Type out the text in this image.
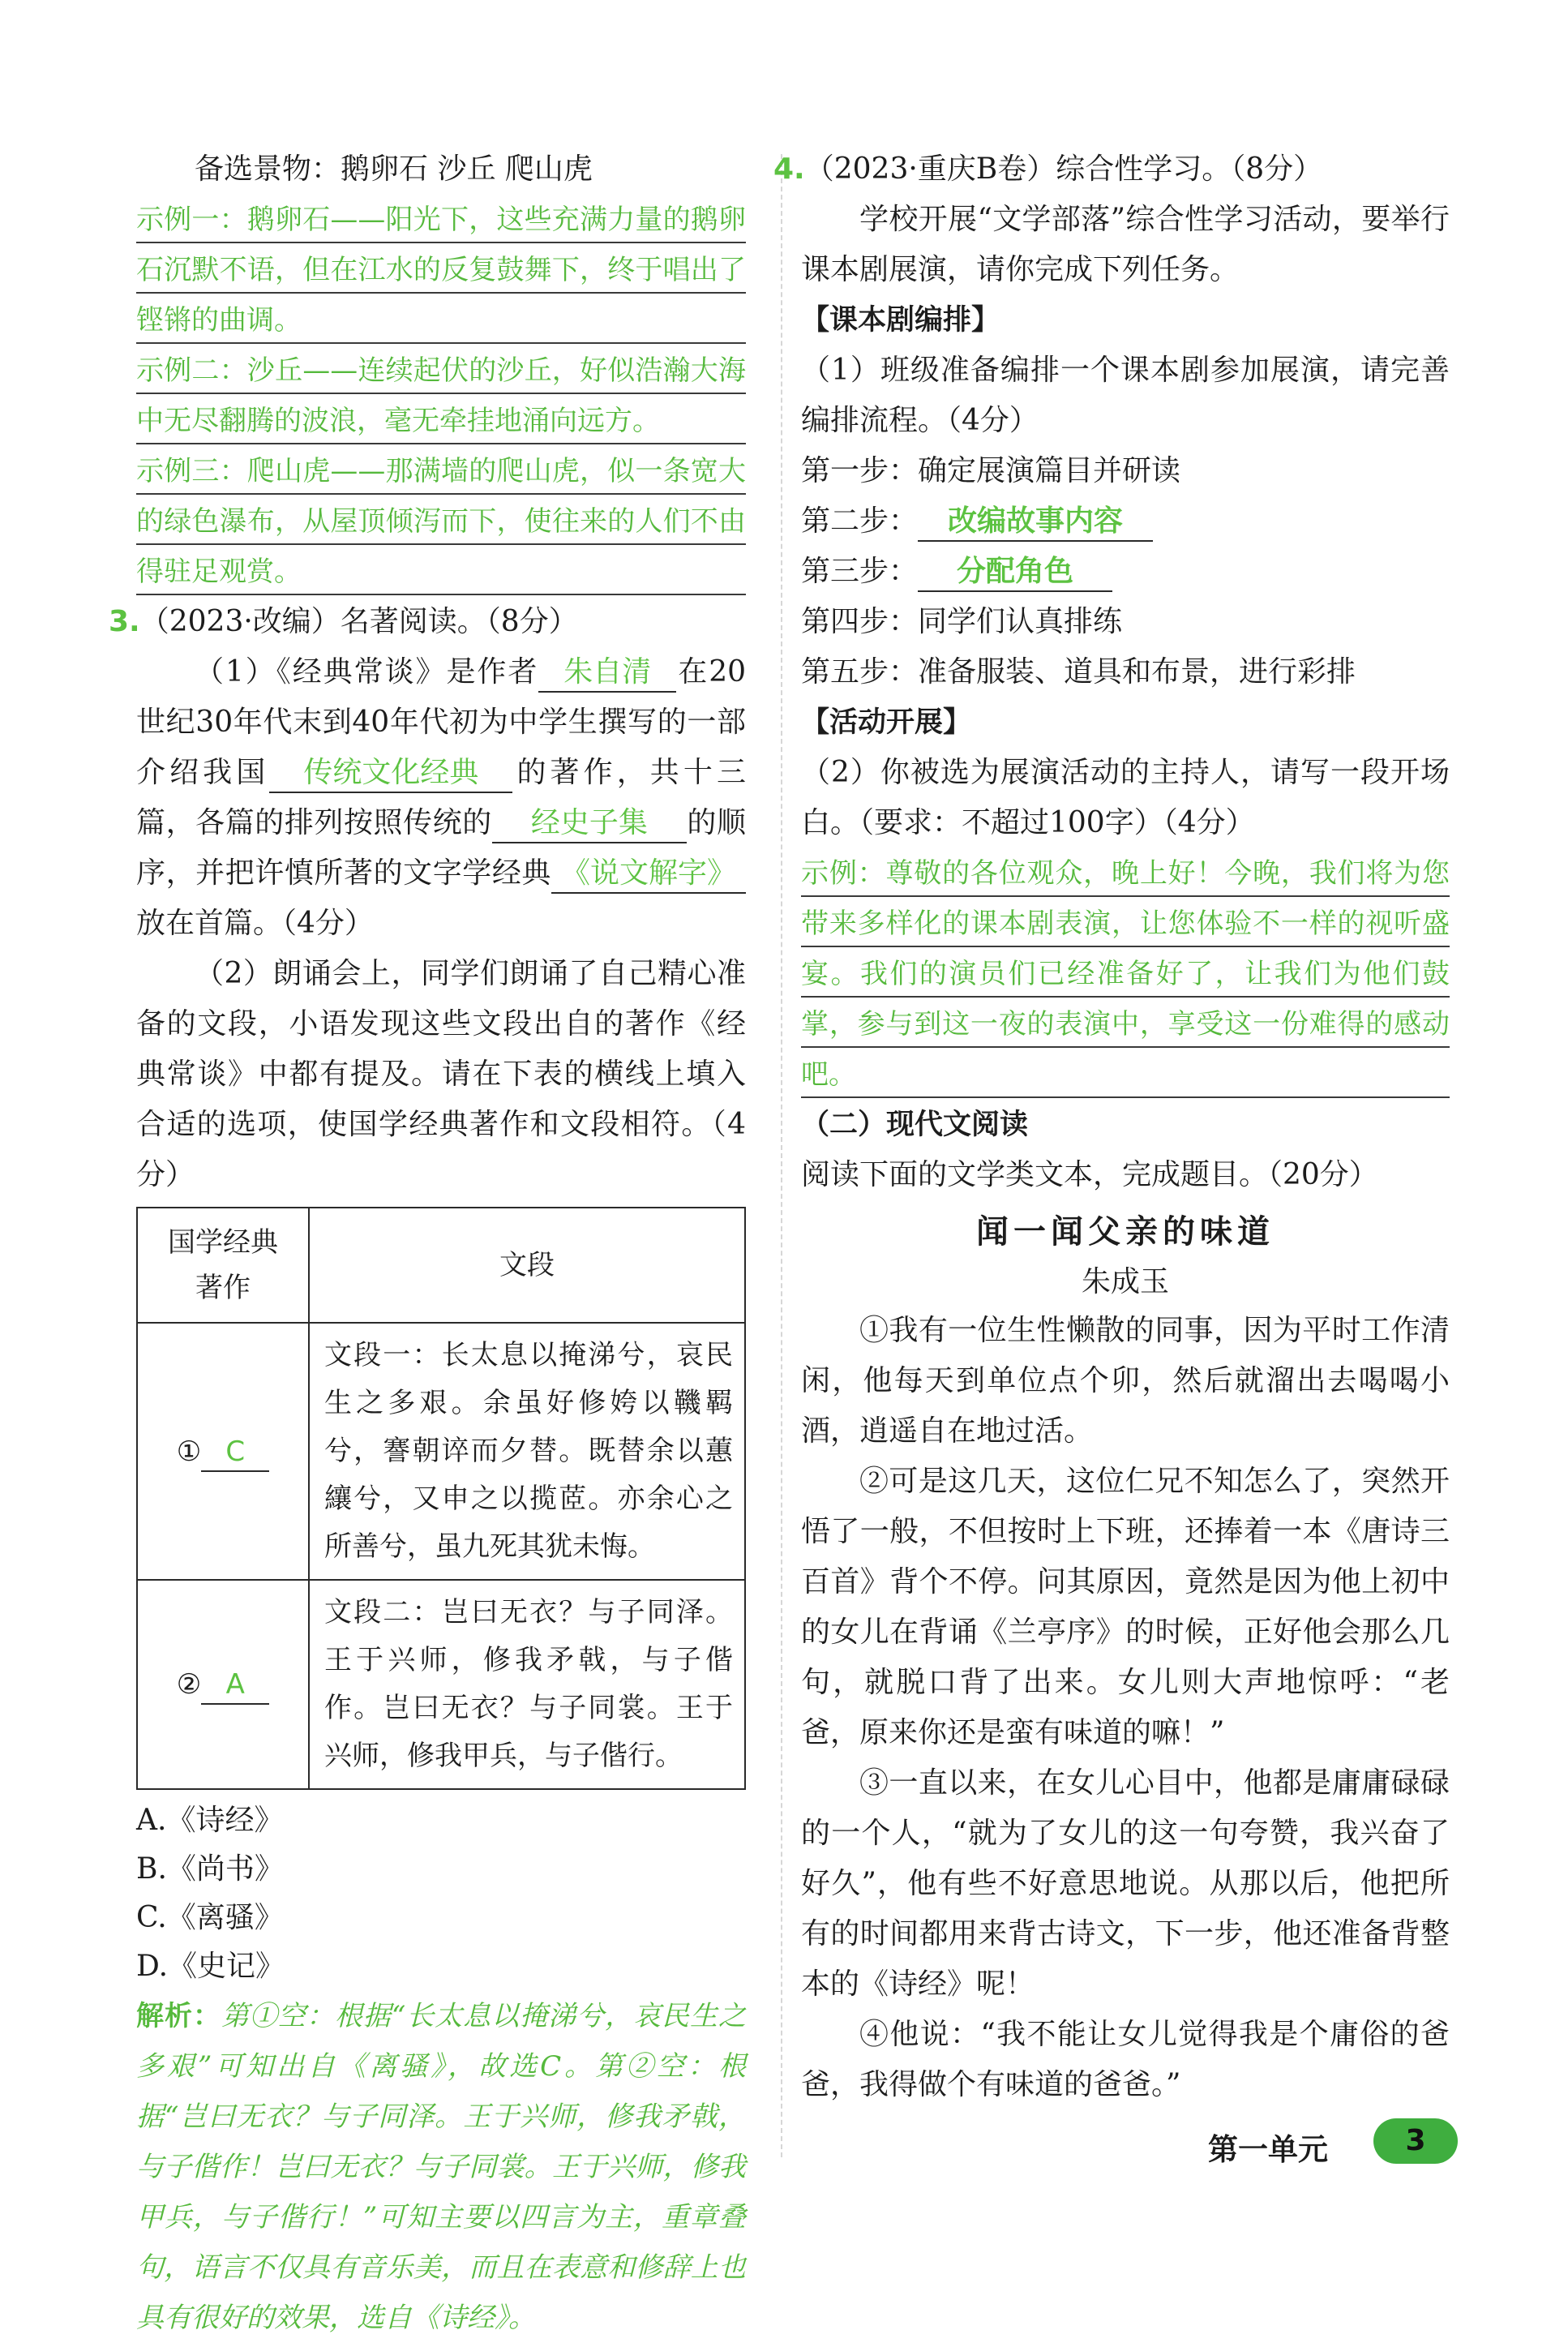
备选景物：鹅卵石 沙丘 爬山虎

示例一：鹅卵石——阳光下，这些充满力量的鹅卵石沉默不语，但在江水的反复鼓舞下，终于唱出了铿锵的曲调。

示例二：沙丘——连续起伏的沙丘，好似浩瀚大海中无尽翻腾的波浪，毫无牵挂地涌向远方。

示例三：爬山虎——那满墙的爬山虎，似一条宽大的绿色瀑布，从屋顶倾泻而下，使往来的人们不由得驻足观赏。

3.（2023·改编）名著阅读。（8分）

（1）《经典常谈》是作者 朱自清 在20世纪30年代末到40年代初为中学生撰写的一部介绍我国 传统文化经典 的著作，共十三篇，各篇的排列按照传统的 经史子集 的顺序，并把许慎所著的文字学经典 《说文解字》放在首篇。（4分）

（2）朗诵会上，同学们朗诵了自己精心准备的文段，小语发现这些文段出自的著作《经典常谈》中都有提及。请在下表的横线上填入合适的选项，使国学经典著作和文段相符。（4分）

国学经典著作	文段
① C	文段一：长太息以掩涕兮，哀民生之多艰。余虽好修姱以鞿羁兮，謇朝谇而夕替。既替余以蕙纕兮，又申之以揽茝。亦余心之所善兮，虽九死其犹未悔。
② A	文段二：岂曰无衣？与子同泽。王于兴师，修我矛戟，与子偕作。岂曰无衣？与子同裳。王于兴师，修我甲兵，与子偕行。
A.《诗经》
B.《尚书》
C.《离骚》
D.《史记》

解析：第①空：根据“长太息以掩涕兮，哀民生之多艰”可知出自《离骚》，故选C。第②空：根据“岂曰无衣？与子同泽。王于兴师，修我矛戟，与子偕作！岂曰无衣？与子同裳。王于兴师，修我甲兵，与子偕行！”可知主要以四言为主，重章叠句，语言不仅具有音乐美，而且在表意和修辞上也具有很好的效果，选自《诗经》。

4.（2023·重庆B卷）综合性学习。（8分）

学校开展“文学部落”综合性学习活动，要举行课本剧展演，请你完成下列任务。

【课本剧编排】

（1）班级准备编排一个课本剧参加展演，请完善编排流程。（4分）

第一步：确定展演篇目并研读

第二步： 改编故事内容

第三步： 分配角色

第四步：同学们认真排练

第五步：准备服装、道具和布景，进行彩排

【活动开展】

（2）你被选为展演活动的主持人，请写一段开场白。（要求：不超过100字）（4分）

示例：尊敬的各位观众，晚上好！今晚，我们将为您带来多样化的课本剧表演，让您体验不一样的视听盛宴。我们的演员们已经准备好了，让我们为他们鼓掌，参与到这一夜的表演中，享受这一份难得的感动吧。

（二）现代文阅读

阅读下面的文学类文本，完成题目。（20分）

闻一闻父亲的味道

朱成玉

①我有一位生性懒散的同事，因为平时工作清闲，他每天到单位点个卯，然后就溜出去喝喝小酒，逍遥自在地过活。

②可是这几天，这位仁兄不知怎么了，突然开悟了一般，不但按时上下班，还捧着一本《唐诗三百首》背个不停。问其原因，竟然是因为他上初中的女儿在背诵《兰亭序》的时候，正好他会那么几句，就脱口背了出来。女儿则大声地惊呼：“老爸，原来你还是蛮有味道的嘛！”

③一直以来，在女儿心目中，他都是庸庸碌碌的一个人，“就为了女儿的这一句夸赞，我兴奋了好久”，他有些不好意思地说。从那以后，他把所有的时间都用来背古诗文，下一步，他还准备背整本的《诗经》呢！

④他说：“我不能让女儿觉得我是个庸俗的爸爸，我得做个有味道的爸爸。”

第一单元	3
